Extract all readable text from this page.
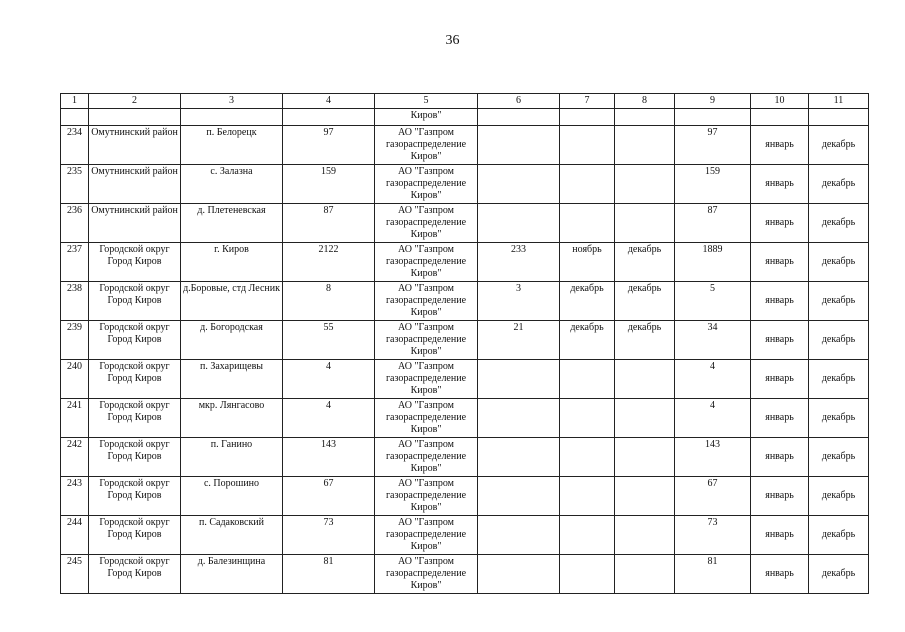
36
1	2	3	4	5	6	7	8	9	10	11
				Киров"						
234	Омутнинский район	п. Белорецк	97	АО "Газпром газораспределение Киров"				97	январь	декабрь
235	Омутнинский район	с. Залазна	159	АО "Газпром газораспределение Киров"				159	январь	декабрь
236	Омутнинский район	д. Плетеневская	87	АО "Газпром газораспределение Киров"				87	январь	декабрь
237	Городской округ Город Киров	г. Киров	2122	АО "Газпром газораспределение Киров"	233	ноябрь	декабрь	1889	январь	декабрь
238	Городской округ Город Киров	д.Боровые, стд Лесник	8	АО "Газпром газораспределение Киров"	3	декабрь	декабрь	5	январь	декабрь
239	Городской округ Город Киров	д. Богородская	55	АО "Газпром газораспределение Киров"	21	декабрь	декабрь	34	январь	декабрь
240	Городской округ Город Киров	п. Захарищевы	4	АО "Газпром газораспределение Киров"				4	январь	декабрь
241	Городской округ Город Киров	мкр. Лянгасово	4	АО "Газпром газораспределение Киров"				4	январь	декабрь
242	Городской округ Город Киров	п. Ганино	143	АО "Газпром газораспределение Киров"				143	январь	декабрь
243	Городской округ Город Киров	с. Порошино	67	АО "Газпром газораспределение Киров"				67	январь	декабрь
244	Городской округ Город Киров	п. Садаковский	73	АО "Газпром газораспределение Киров"				73	январь	декабрь
245	Городской округ Город Киров	д. Балезинщина	81	АО "Газпром газораспределение Киров"				81	январь	декабрь
